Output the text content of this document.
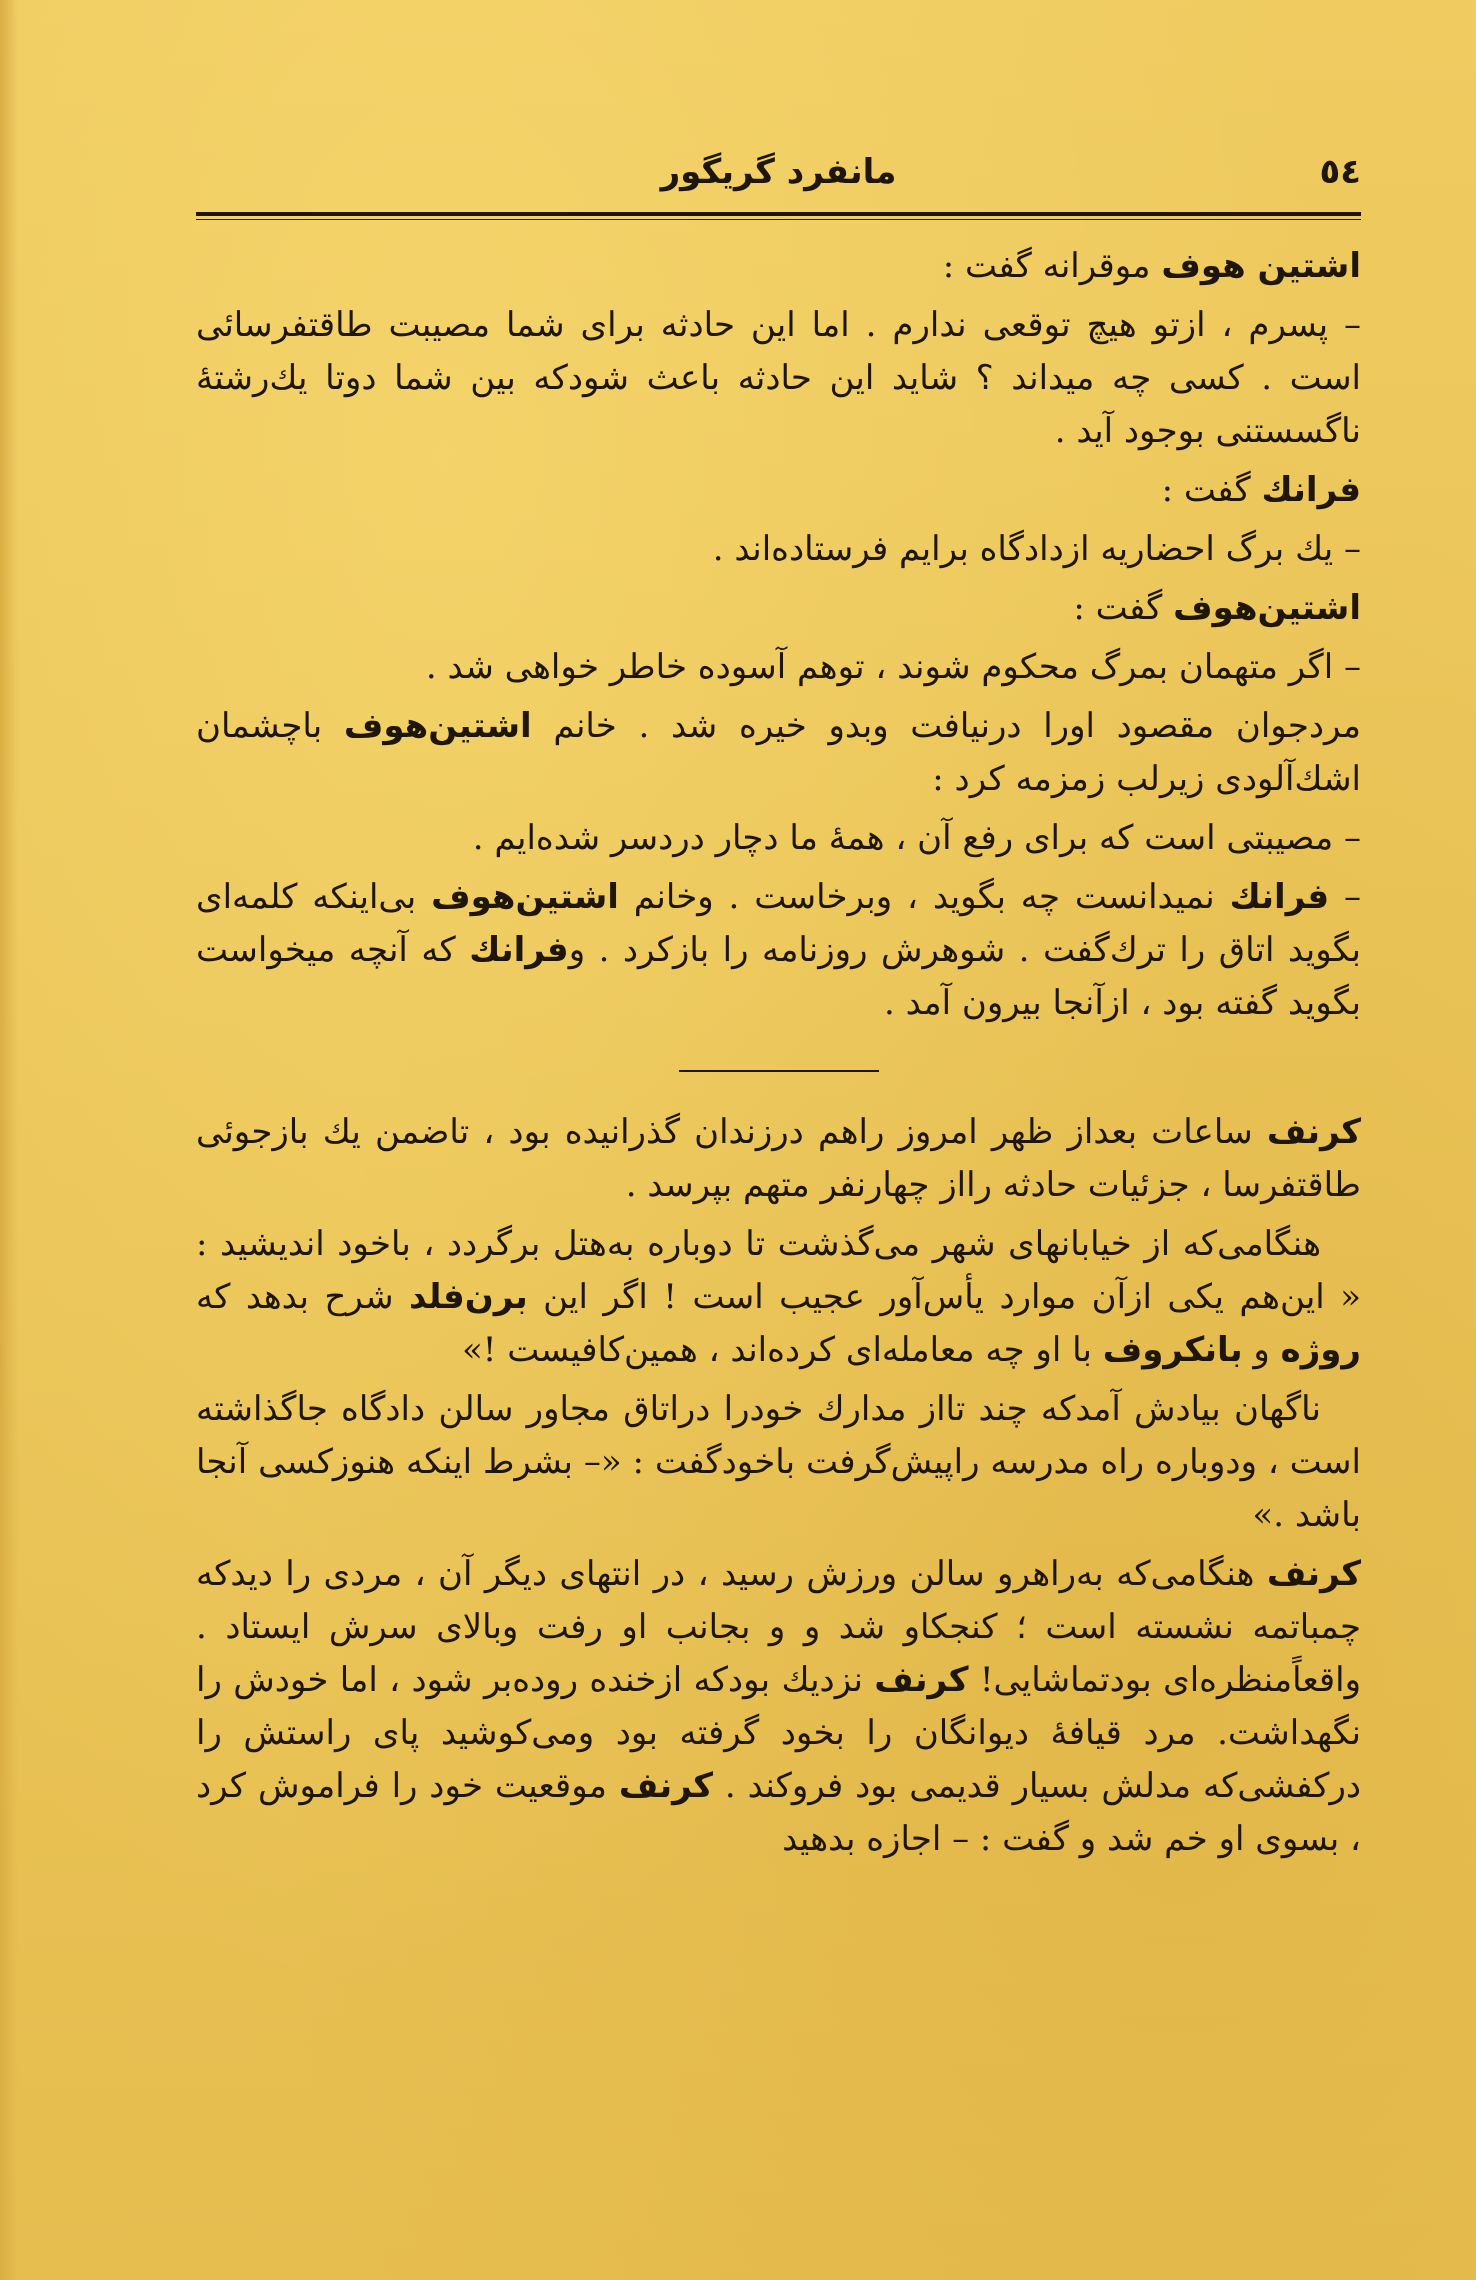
٥٤
مانفرد گریگور

اشتین هوف موقرانه گفت :

– پسرم ، ازتو هیچ توقعی ندارم . اما این حادثه برای شما مصیبت طاقتفرسائی است . کسی چه میداند ؟ شاید این حادثه باعث شودکه بین شما دوتا یك‌رشتهٔ ناگسستنی بوجود آید .

فرانك گفت :

– یك برگ احضاریه ازدادگاه برایم فرستاده‌اند .

اشتین‌هوف گفت :

– اگر متهمان بمرگ محکوم شوند ، توهم آسوده خاطر خواهی شد .

مردجوان مقصود اورا درنیافت وبدو خیره شد . خانم اشتین‌هوف باچشمان اشك‌آلودی زیرلب زمزمه کرد :

– مصیبتی است که برای رفع آن ، همهٔ ما دچار دردسر شده‌ایم .

– فرانك نمیدانست چه بگوید ، وبرخاست . وخانم اشتین‌هوف بی‌اینکه کلمه‌ای بگوید اتاق را ترك‌گفت . شوهرش روزنامه را بازکرد . وفرانك که آنچه میخواست بگوید گفته بود ، ازآنجا بیرون آمد .

كرنف ساعات بعداز ظهر امروز راهم درزندان گذرانیده بود ، تاضمن یك بازجوئی طاقتفرسا ، جزئیات حادثه رااز چهارنفر متهم بپرسد .

هنگامی‌که از خیابانهای شهر می‌گذشت تا دوباره به‌هتل برگردد ، باخود اندیشید : « این‌هم یکی ازآن موارد یأس‌آور عجیب است ! اگر این برن‌فلد شرح بدهد که روژه و بانكروف با او چه معامله‌ای کرده‌اند ، همین‌کافیست !»

ناگهان بیادش آمدکه چند تااز مدارك خودرا دراتاق مجاور سالن دادگاه جاگذاشته است ، ودوباره راه مدرسه راپیش‌گرفت باخودگفت : «– بشرط اینکه هنوزکسی آنجا باشد .»

كرنف هنگامی‌که به‌راهرو سالن ورزش رسید ، در انتهای دیگر آن ، مردی را دیدکه چمباتمه نشسته است ؛ کنجکاو شد و و بجانب او رفت وبالای سرش ایستاد . واقعاًمنظره‌ای بودتماشایی! كرنف نزدیك بودکه ازخنده روده‌بر شود ، اما خودش را نگهداشت. مرد قیافهٔ دیوانگان را بخود گرفته بود ومی‌کوشید پای راستش را درکفشی‌که مدلش بسیار قدیمی بود فروکند . كرنف موقعیت خود را فراموش کرد ، بسوی او خم شد و گفت : – اجازه بدهید
